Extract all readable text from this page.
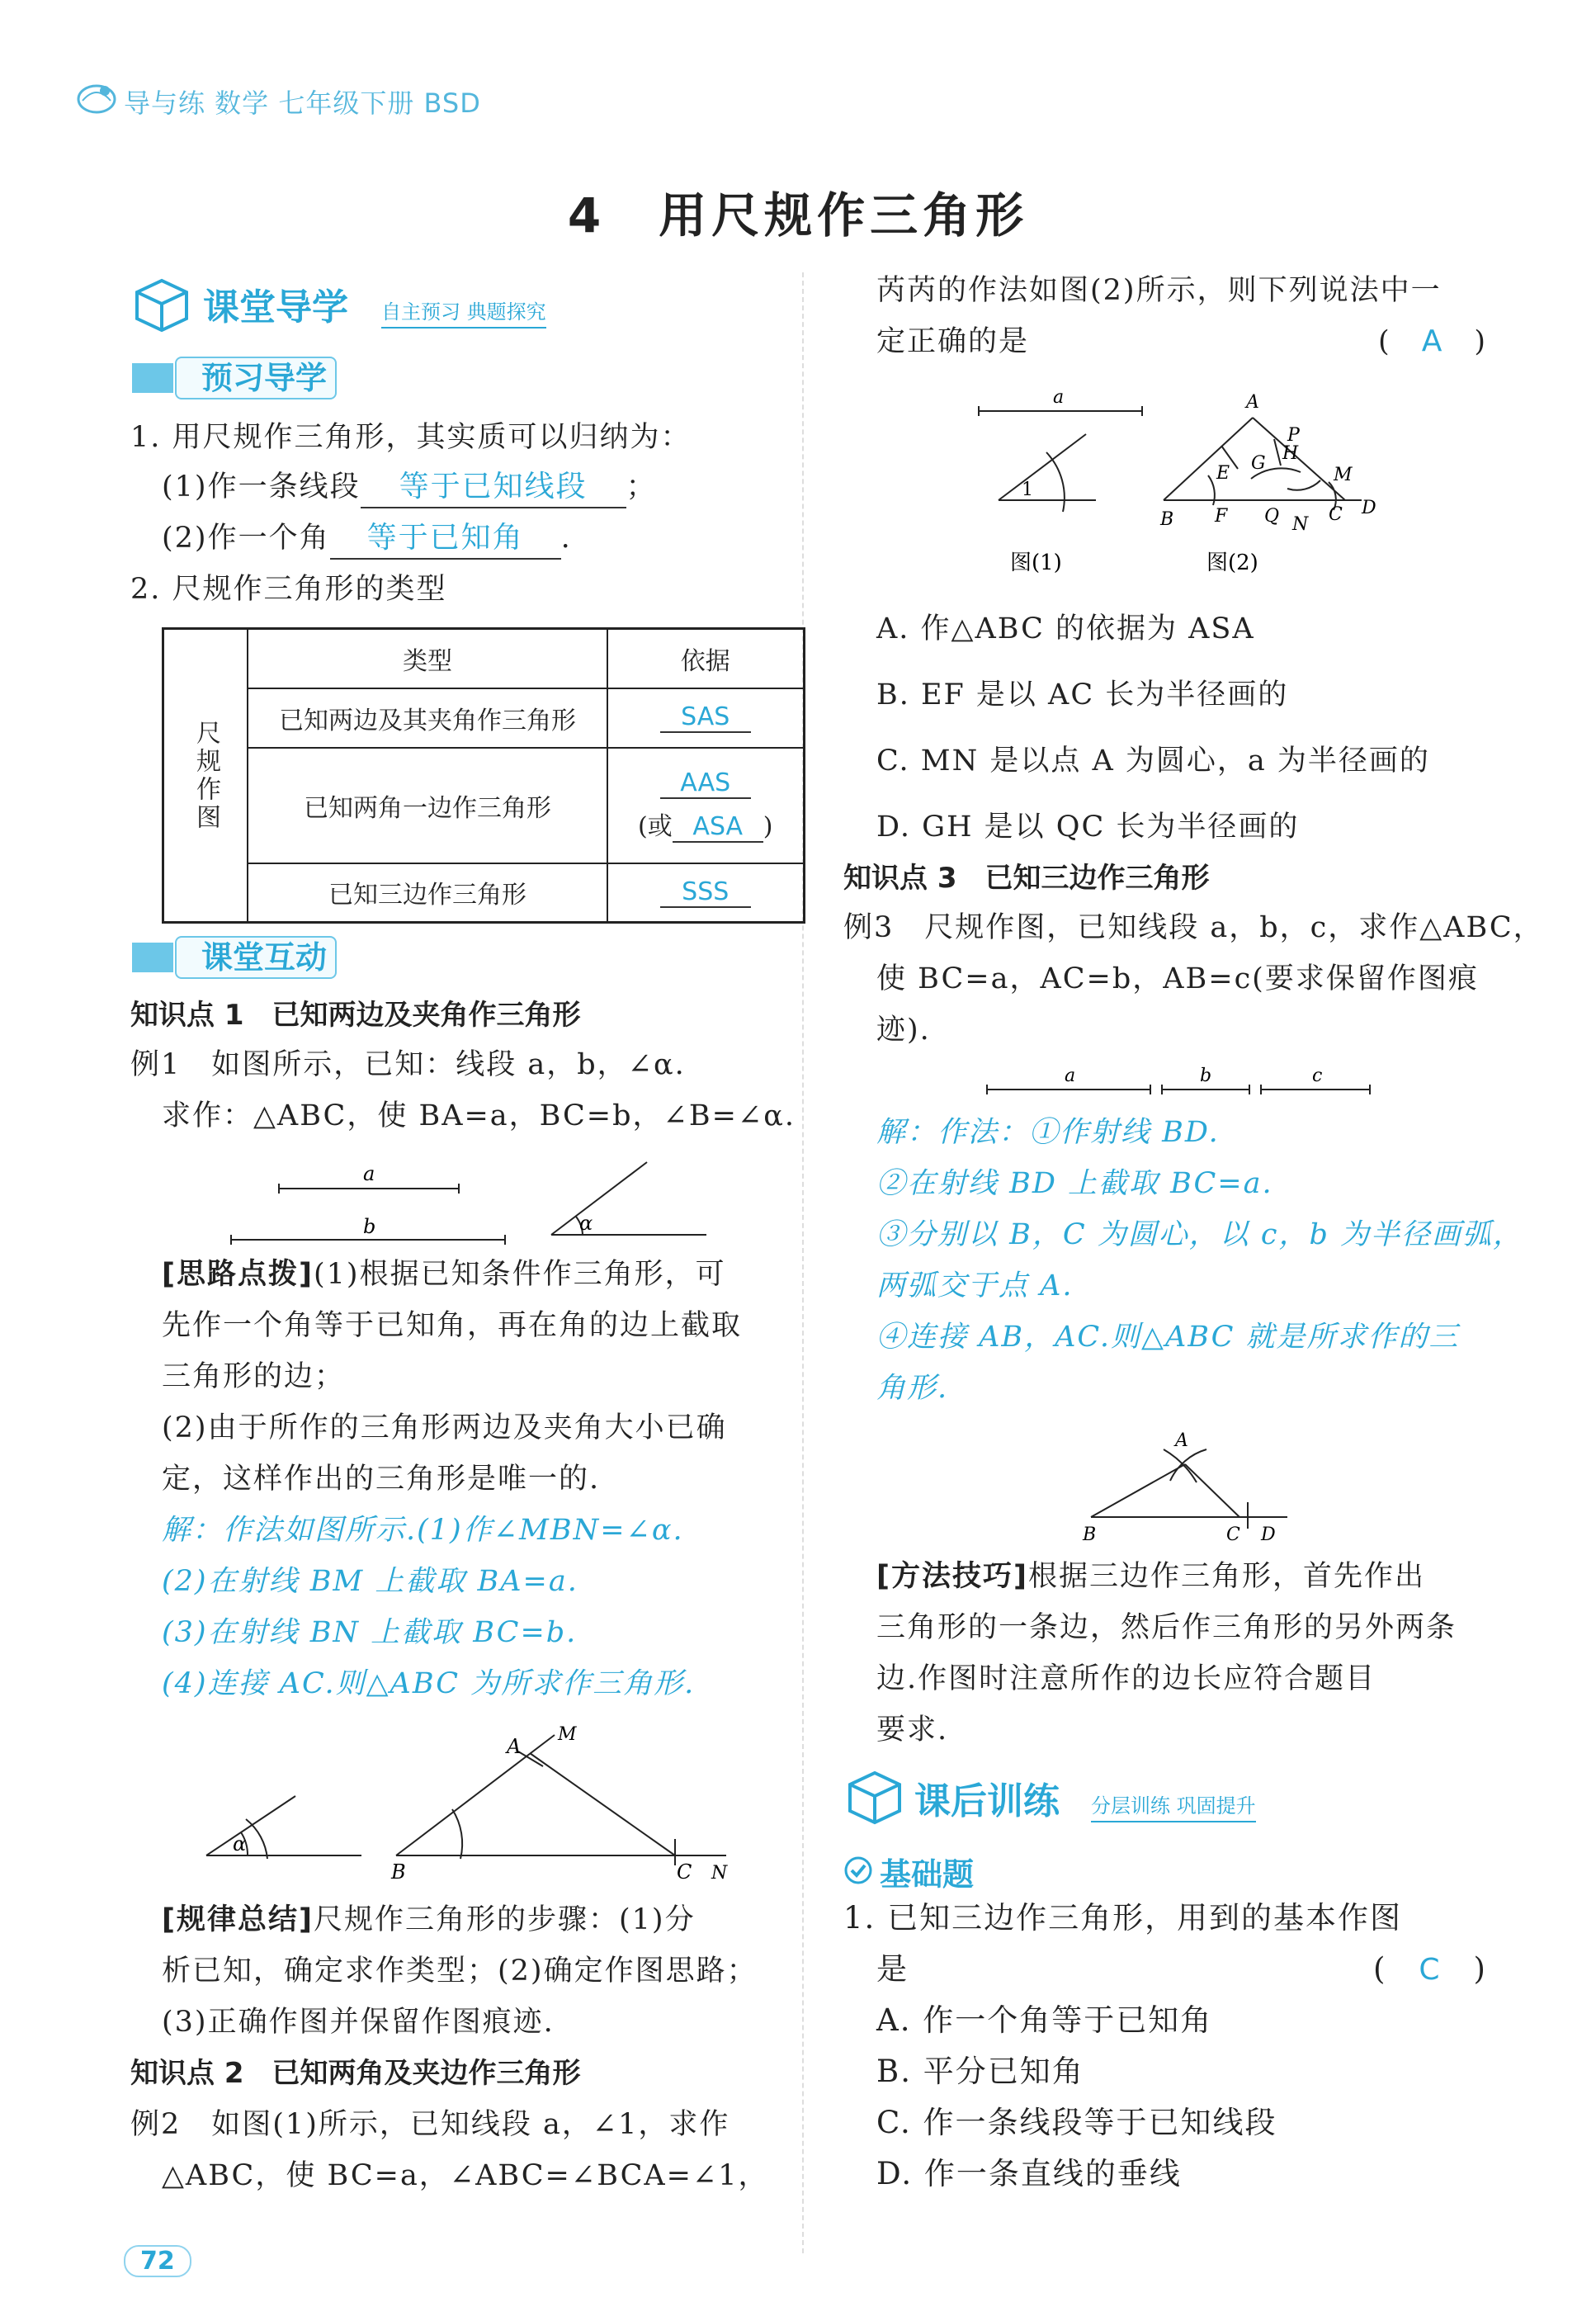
导与练 数学 七年级下册 BSD
4　用尺规作三角形
课堂导学 自主预习 典题探究
预习导学
1. 用尺规作三角形，其实质可以归纳为：
(1)作一条线段 等于已知线段 ；
(2)作一个角 等于已知角 .
2. 尺规作三角形的类型
尺规作图	类型	依据
	已知两边及其夹角作三角形	SAS
	已知两角一边作三角形	AAS
(或 ASA )

	已知三边作三角形	SSS
课堂互动
知识点 1　已知两边及夹角作三角形
例1　如图所示，已知：线段 a，b，∠α.
求作：△ABC，使 BA=a，BC=b，∠B=∠α.
a
b	α
[思路点拨](1)根据已知条件作三角形，可
先作一个角等于已知角，再在角的边上截取
三角形的边；
(2)由于所作的三角形两边及夹角大小已确
定，这样作出的三角形是唯一的.
解：作法如图所示.(1)作∠MBN=∠α.
(2)在射线 BM 上截取 BA=a.
(3)在射线 BN 上截取 BC=b.
(4)连接 AC.则△ABC 为所求作三角形.
α
A
M
B	C N
[规律总结]尺规作三角形的步骤：(1)分
析已知，确定求作类型；(2)确定作图思路；
(3)正确作图并保留作图痕迹.
知识点 2　已知两角及夹边作三角形
例2　如图(1)所示，已知线段 a，∠1，求作
△ABC，使 BC=a，∠ABC=∠BCA=∠1，
72
芮芮的作法如图(2)所示，则下列说法中一
定正确的是	(　A　)
a
1
A
B
E
F
G
Q
P
H
N
M
C D
图(1)	图(2)
A. 作△ABC 的依据为 ASA
B. EF 是以 AC 长为半径画的
C. MN 是以点 A 为圆心，a 为半径画的
D. GH 是以 QC 长为半径画的
知识点 3　已知三边作三角形
例3　尺规作图，已知线段 a，b，c，求作△ABC，
使 BC=a，AC=b，AB=c(要求保留作图痕
迹).
a	b	c
解：作法：①作射线 BD.
②在射线 BD 上截取 BC=a.
③分别以 B，C 为圆心，以 c，b 为半径画弧，
两弧交于点 A.
④连接 AB，AC.则△ABC 就是所求作的三
角形.
A
B	C D
[方法技巧]根据三边作三角形，首先作出
三角形的一条边，然后作三角形的另外两条
边.作图时注意所作的边长应符合题目
要求.
课后训练 分层训练 巩固提升
基础题
1. 已知三边作三角形，用到的基本作图
是	(　C　)
A. 作一个角等于已知角
B. 平分已知角
C. 作一条线段等于已知线段
D. 作一条直线的垂线
